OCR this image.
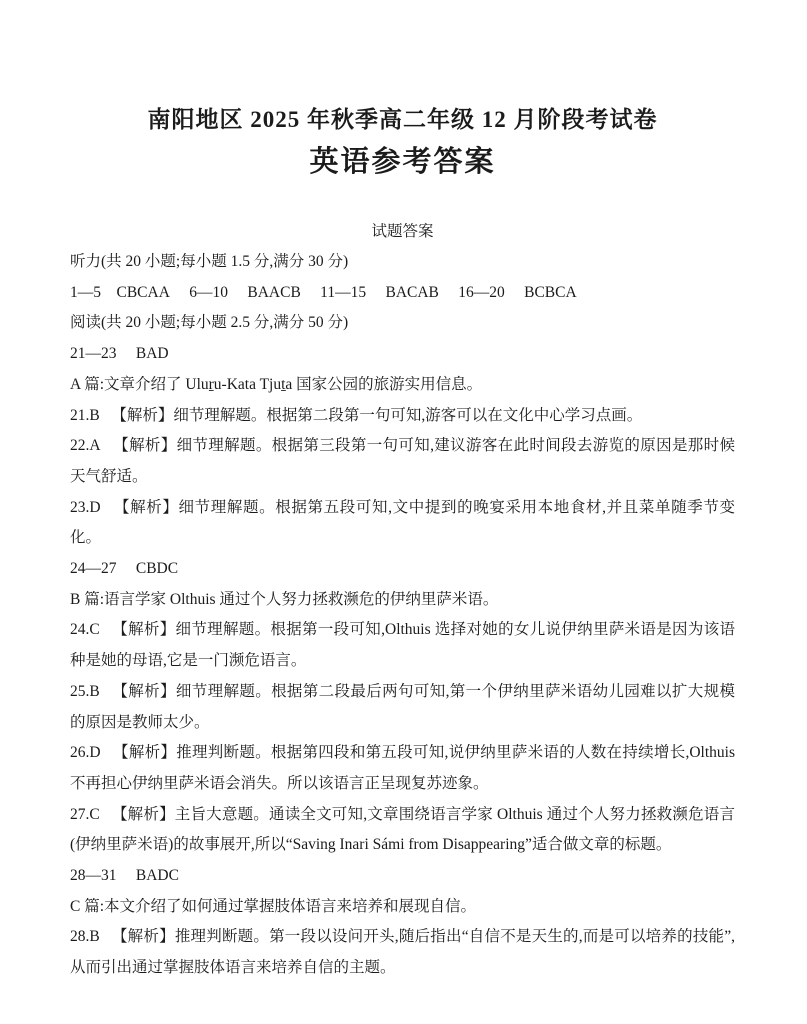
南阳地区 2025 年秋季高二年级 12 月阶段考试卷
英语参考答案
试题答案

听力(共 20 小题;每小题 1.5 分,满分 30 分)

1—5    CBCAA     6—10     BAACB     11—15     BACAB     16—20     BCBCA

阅读(共 20 小题;每小题 2.5 分,满分 50 分)

21—23     BAD

A 篇:文章介绍了 Uluṟu-Kata Tjuṯa 国家公园的旅游实用信息。

21.B   【解析】细节理解题。根据第二段第一句可知,游客可以在文化中心学习点画。

22.A   【解析】细节理解题。根据第三段第一句可知,建议游客在此时间段去游览的原因是那时候天气舒适。

23.D   【解析】细节理解题。根据第五段可知,文中提到的晚宴采用本地食材,并且菜单随季节变化。

24—27     CBDC

B 篇:语言学家 Olthuis 通过个人努力拯救濒危的伊纳里萨米语。

24.C   【解析】细节理解题。根据第一段可知,Olthuis 选择对她的女儿说伊纳里萨米语是因为该语种是她的母语,它是一门濒危语言。

25.B   【解析】细节理解题。根据第二段最后两句可知,第一个伊纳里萨米语幼儿园难以扩大规模的原因是教师太少。

26.D   【解析】推理判断题。根据第四段和第五段可知,说伊纳里萨米语的人数在持续增长,Olthuis 不再担心伊纳里萨米语会消失。所以该语言正呈现复苏迹象。

27.C   【解析】主旨大意题。通读全文可知,文章围绕语言学家 Olthuis 通过个人努力拯救濒危语言(伊纳里萨米语)的故事展开,所以“Saving Inari Sámi from Disappearing”适合做文章的标题。

28—31     BADC

C 篇:本文介绍了如何通过掌握肢体语言来培养和展现自信。

28.B   【解析】推理判断题。第一段以设问开头,随后指出“自信不是天生的,而是可以培养的技能”,从而引出通过掌握肢体语言来培养自信的主题。
